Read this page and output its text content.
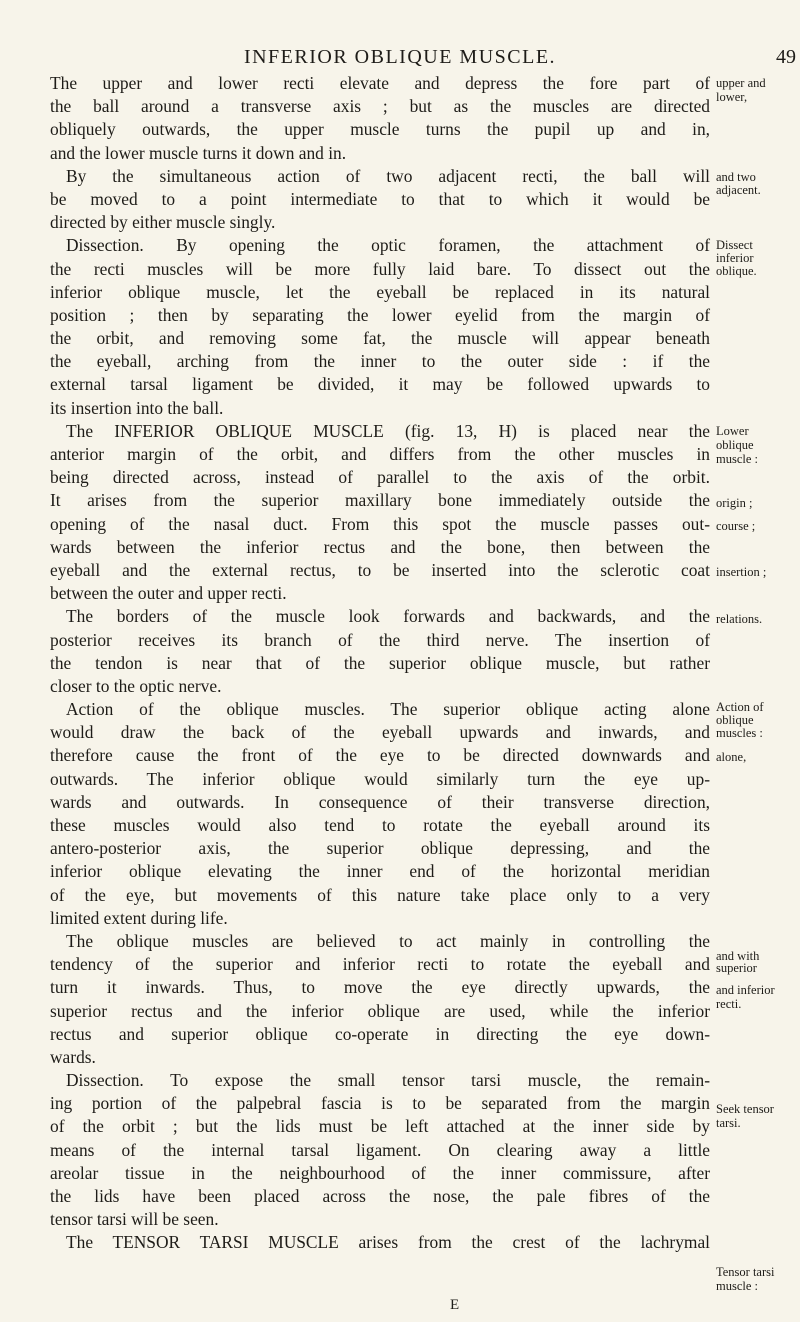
INFERIOR OBLIQUE MUSCLE.	49
The upper and lower recti elevate and depress the fore part of
the ball around a transverse axis ; but as the muscles are directed
obliquely outwards, the upper muscle turns the pupil up and in,
and the lower muscle turns it down and in.
By the simultaneous action of two adjacent recti, the ball will
be moved to a point intermediate to that to which it would be
directed by either muscle singly.
Dissection. By opening the optic foramen, the attachment of
the recti muscles will be more fully laid bare. To dissect out the
inferior oblique muscle, let the eyeball be replaced in its natural
position ; then by separating the lower eyelid from the margin of
the orbit, and removing some fat, the muscle will appear beneath
the eyeball, arching from the inner to the outer side : if the
external tarsal ligament be divided, it may be followed upwards to
its insertion into the ball.
The INFERIOR OBLIQUE MUSCLE (fig. 13, H) is placed near the
anterior margin of the orbit, and differs from the other muscles in
being directed across, instead of parallel to the axis of the orbit.
It arises from the superior maxillary bone immediately outside the
opening of the nasal duct. From this spot the muscle passes out-
wards between the inferior rectus and the bone, then between the
eyeball and the external rectus, to be inserted into the sclerotic coat
between the outer and upper recti.
The borders of the muscle look forwards and backwards, and the
posterior receives its branch of the third nerve. The insertion of
the tendon is near that of the superior oblique muscle, but rather
closer to the optic nerve.
Action of the oblique muscles. The superior oblique acting alone
would draw the back of the eyeball upwards and inwards, and
therefore cause the front of the eye to be directed downwards and
outwards. The inferior oblique would similarly turn the eye up-
wards and outwards. In consequence of their transverse direction,
these muscles would also tend to rotate the eyeball around its
antero-posterior axis, the superior oblique depressing, and the
inferior oblique elevating the inner end of the horizontal meridian
of the eye, but movements of this nature take place only to a very
limited extent during life.
The oblique muscles are believed to act mainly in controlling the
tendency of the superior and inferior recti to rotate the eyeball and
turn it inwards. Thus, to move the eye directly upwards, the
superior rectus and the inferior oblique are used, while the inferior
rectus and superior oblique co-operate in directing the eye down-
wards.
Dissection. To expose the small tensor tarsi muscle, the remain-
ing portion of the palpebral fascia is to be separated from the margin
of the orbit ; but the lids must be left attached at the inner side by
means of the internal tarsal ligament. On clearing away a little
areolar tissue in the neighbourhood of the inner commissure, after
the lids have been placed across the nose, the pale fibres of the
tensor tarsi will be seen.
The TENSOR TARSI MUSCLE arises from the crest of the lachrymal
upper and
lower,
and two
adjacent.
Dissect
inferior
oblique.
Lower
oblique
muscle :
origin ;
course ;
insertion ;
relations.
Action of
oblique
muscles :
alone,
and with
superior
and inferior
recti.
Seek tensor
tarsi.
Tensor tarsi
muscle :
E
